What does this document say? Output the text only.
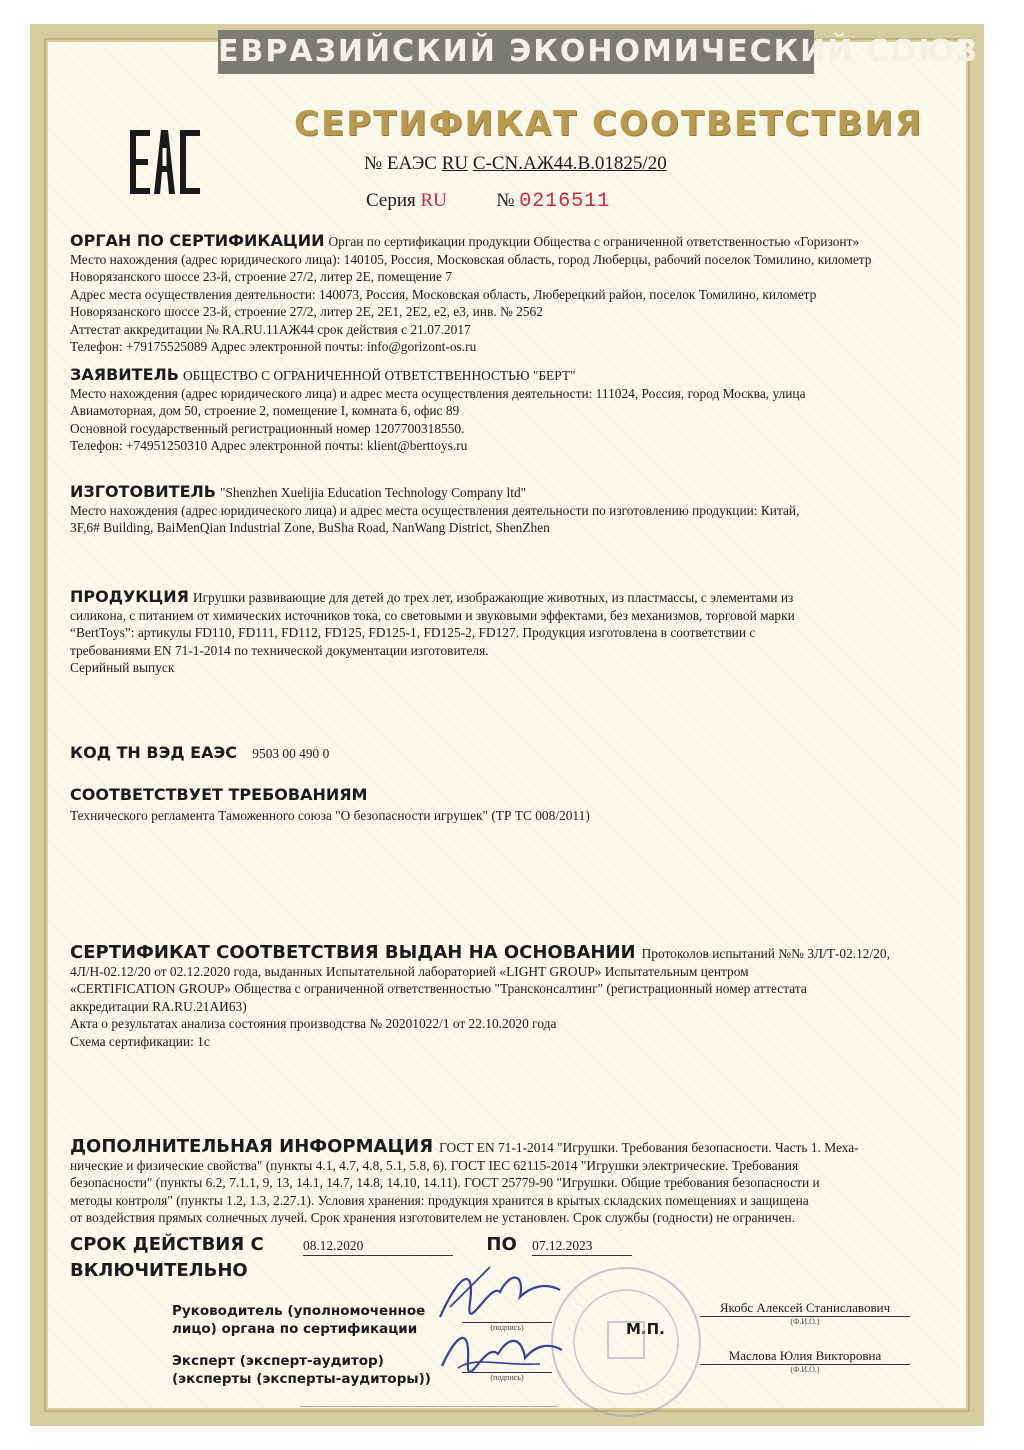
ЕВРАЗИЙСКИЙ ЭКОНОМИЧЕСКИЙ СОЮЗ
СЕРТИФИКАТ СООТВЕТСТВИЯ
№ ЕАЭС RU C-CN.АЖ44.В.01825/20
Серия RU	№ 0216511
ОРГАН ПО СЕРТИФИКАЦИИ Орган по сертификации продукции Общества с ограниченной ответственностью «Горизонт»
Место нахождения (адрес юридического лица): 140105, Россия, Московская область, город Люберцы, рабочий поселок Томилино, километр
Новорязанского шоссе 23-й, строение 27/2, литер 2Е, помещение 7
Адрес места осуществления деятельности: 140073, Россия, Московская область, Люберецкий район, поселок Томилино, километр
Новорязанского шоссе 23-й, строение 27/2, литер 2Е, 2Е1, 2Е2, е2, е3, инв. № 2562
Аттестат аккредитации № RA.RU.11АЖ44 срок действия с 21.07.2017
Телефон: +79175525089 Адрес электронной почты: info@gorizont-os.ru
ЗАЯВИТЕЛЬ ОБЩЕСТВО С ОГРАНИЧЕННОЙ ОТВЕТСТВЕННОСТЬЮ "БЕРТ"
Место нахождения (адрес юридического лица) и адрес места осуществления деятельности: 111024, Россия, город Москва, улица
Авиамоторная, дом 50, строение 2, помещение I, комната 6, офис 89
Основной государственный регистрационный номер 1207700318550.
Телефон: +74951250310 Адрес электронной почты: klient@berttoys.ru
ИЗГОТОВИТЕЛЬ "Shenzhen Xuelijia Education Technology Company ltd"
Место нахождения (адрес юридического лица) и адрес места осуществления деятельности по изготовлению продукции: Китай,
3F,6# Building, BaiMenQian Industrial Zone, BuSha Road, NanWang District, ShenZhen
ПРОДУКЦИЯ Игрушки развивающие для детей до трех лет, изображающие животных, из пластмассы, с элементами из
силикона, с питанием от химических источников тока, со световыми и звуковыми эффектами, без механизмов, торговой марки
“BertToys”: артикулы FD110, FD111, FD112, FD125, FD125-1, FD125-2, FD127. Продукция изготовлена в соответствии с
требованиями EN 71-1-2014 по технической документации изготовителя.
Серийный выпуск
КОД ТН ВЭД ЕАЭС 9503 00 490 0
СООТВЕТСТВУЕТ ТРЕБОВАНИЯМ
Технического регламента Таможенного союза "О безопасности игрушек" (ТР ТС 008/2011)
СЕРТИФИКАТ СООТВЕТСТВИЯ ВЫДАН НА ОСНОВАНИИ Протоколов испытаний №№ 3Л/Т-02.12/20,
4Л/Н-02.12/20 от 02.12.2020 года, выданных Испытательной лабораторией «LIGHT GROUP» Испытательным центром
«CERTIFICATION GROUP» Общества с ограниченной ответственностью "Трансконсалтинг" (регистрационный номер аттестата
аккредитации RA.RU.21АИ63)
Акта о результатах анализа состояния производства № 20201022/1 от 22.10.2020 года
Схема сертификации: 1с
ДОПОЛНИТЕЛЬНАЯ ИНФОРМАЦИЯ ГОСТ EN 71-1-2014 "Игрушки. Требования безопасности. Часть 1. Меха-
нические и физические свойства" (пункты 4.1, 4.7, 4.8, 5.1, 5.8, 6). ГОСТ IEC 62115-2014 "Игрушки электрические. Требования
безопасности" (пункты 6.2, 7.1.1, 9, 13, 14.1, 14.7, 14.8, 14.10, 14.11). ГОСТ 25779-90 "Игрушки. Общие требования безопасности и
методы контроля" (пункты 1.2, 1.3, 2.27.1). Условия хранения: продукция хранится в крытых складских помещениях и защищена
от воздействия прямых солнечных лучей. Срок хранения изготовителем не установлен. Срок службы (годности) не ограничен.
СРОК ДЕЙСТВИЯ С	08.12.2020	ПО 07.12.2023
ВКЛЮЧИТЕЛЬНО
Руководитель (уполномоченное
лицо) органа по сертификации	(подпись)	М.П.
Якобс Алексей Станиславович
(Ф.И.О.)
Эксперт (эксперт-аудитор)
(эксперты (эксперты-аудиторы))	(подпись)
Маслова Юлия Викторовна
(Ф.И.О.)
────────────────────────────────────────────────────
